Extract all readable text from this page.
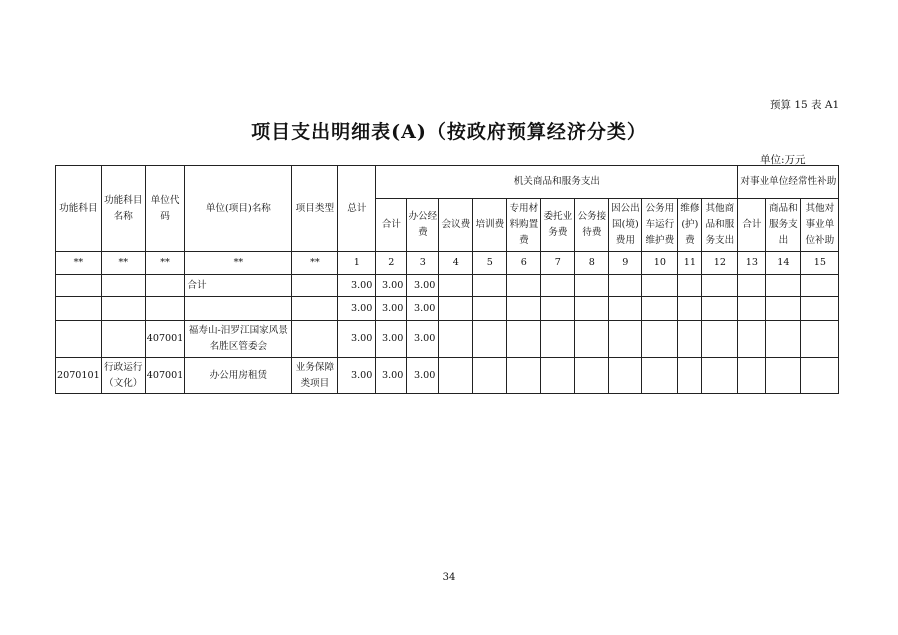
预算 15 表 A1
项目支出明细表(A)（按政府预算经济分类）
单位:万元
功能科目	功能科目名称	单位代码	单位(项目)名称	项目类型	总计	机关商品和服务支出											对事业单位经常性补助		
						合计	办公经费	会议费	培训费	专用材料购置费	委托业务费	公务接待费	因公出国(境)费用	公务用车运行维护费	维修(护)费	其他商品和服务支出	合计	商品和服务支出	其他对事业单位补助
**	**	**	**	**	1	2	3	4	5	6	7	8	9	10	11	12	13	14	15
			合计		3.00	3.00	3.00												
					3.00	3.00	3.00												
		407001	福寿山-汨罗江国家风景名胜区管委会		3.00	3.00	3.00												
2070101	行政运行（文化）	407001	办公用房租赁	业务保障类项目	3.00	3.00	3.00												
34
